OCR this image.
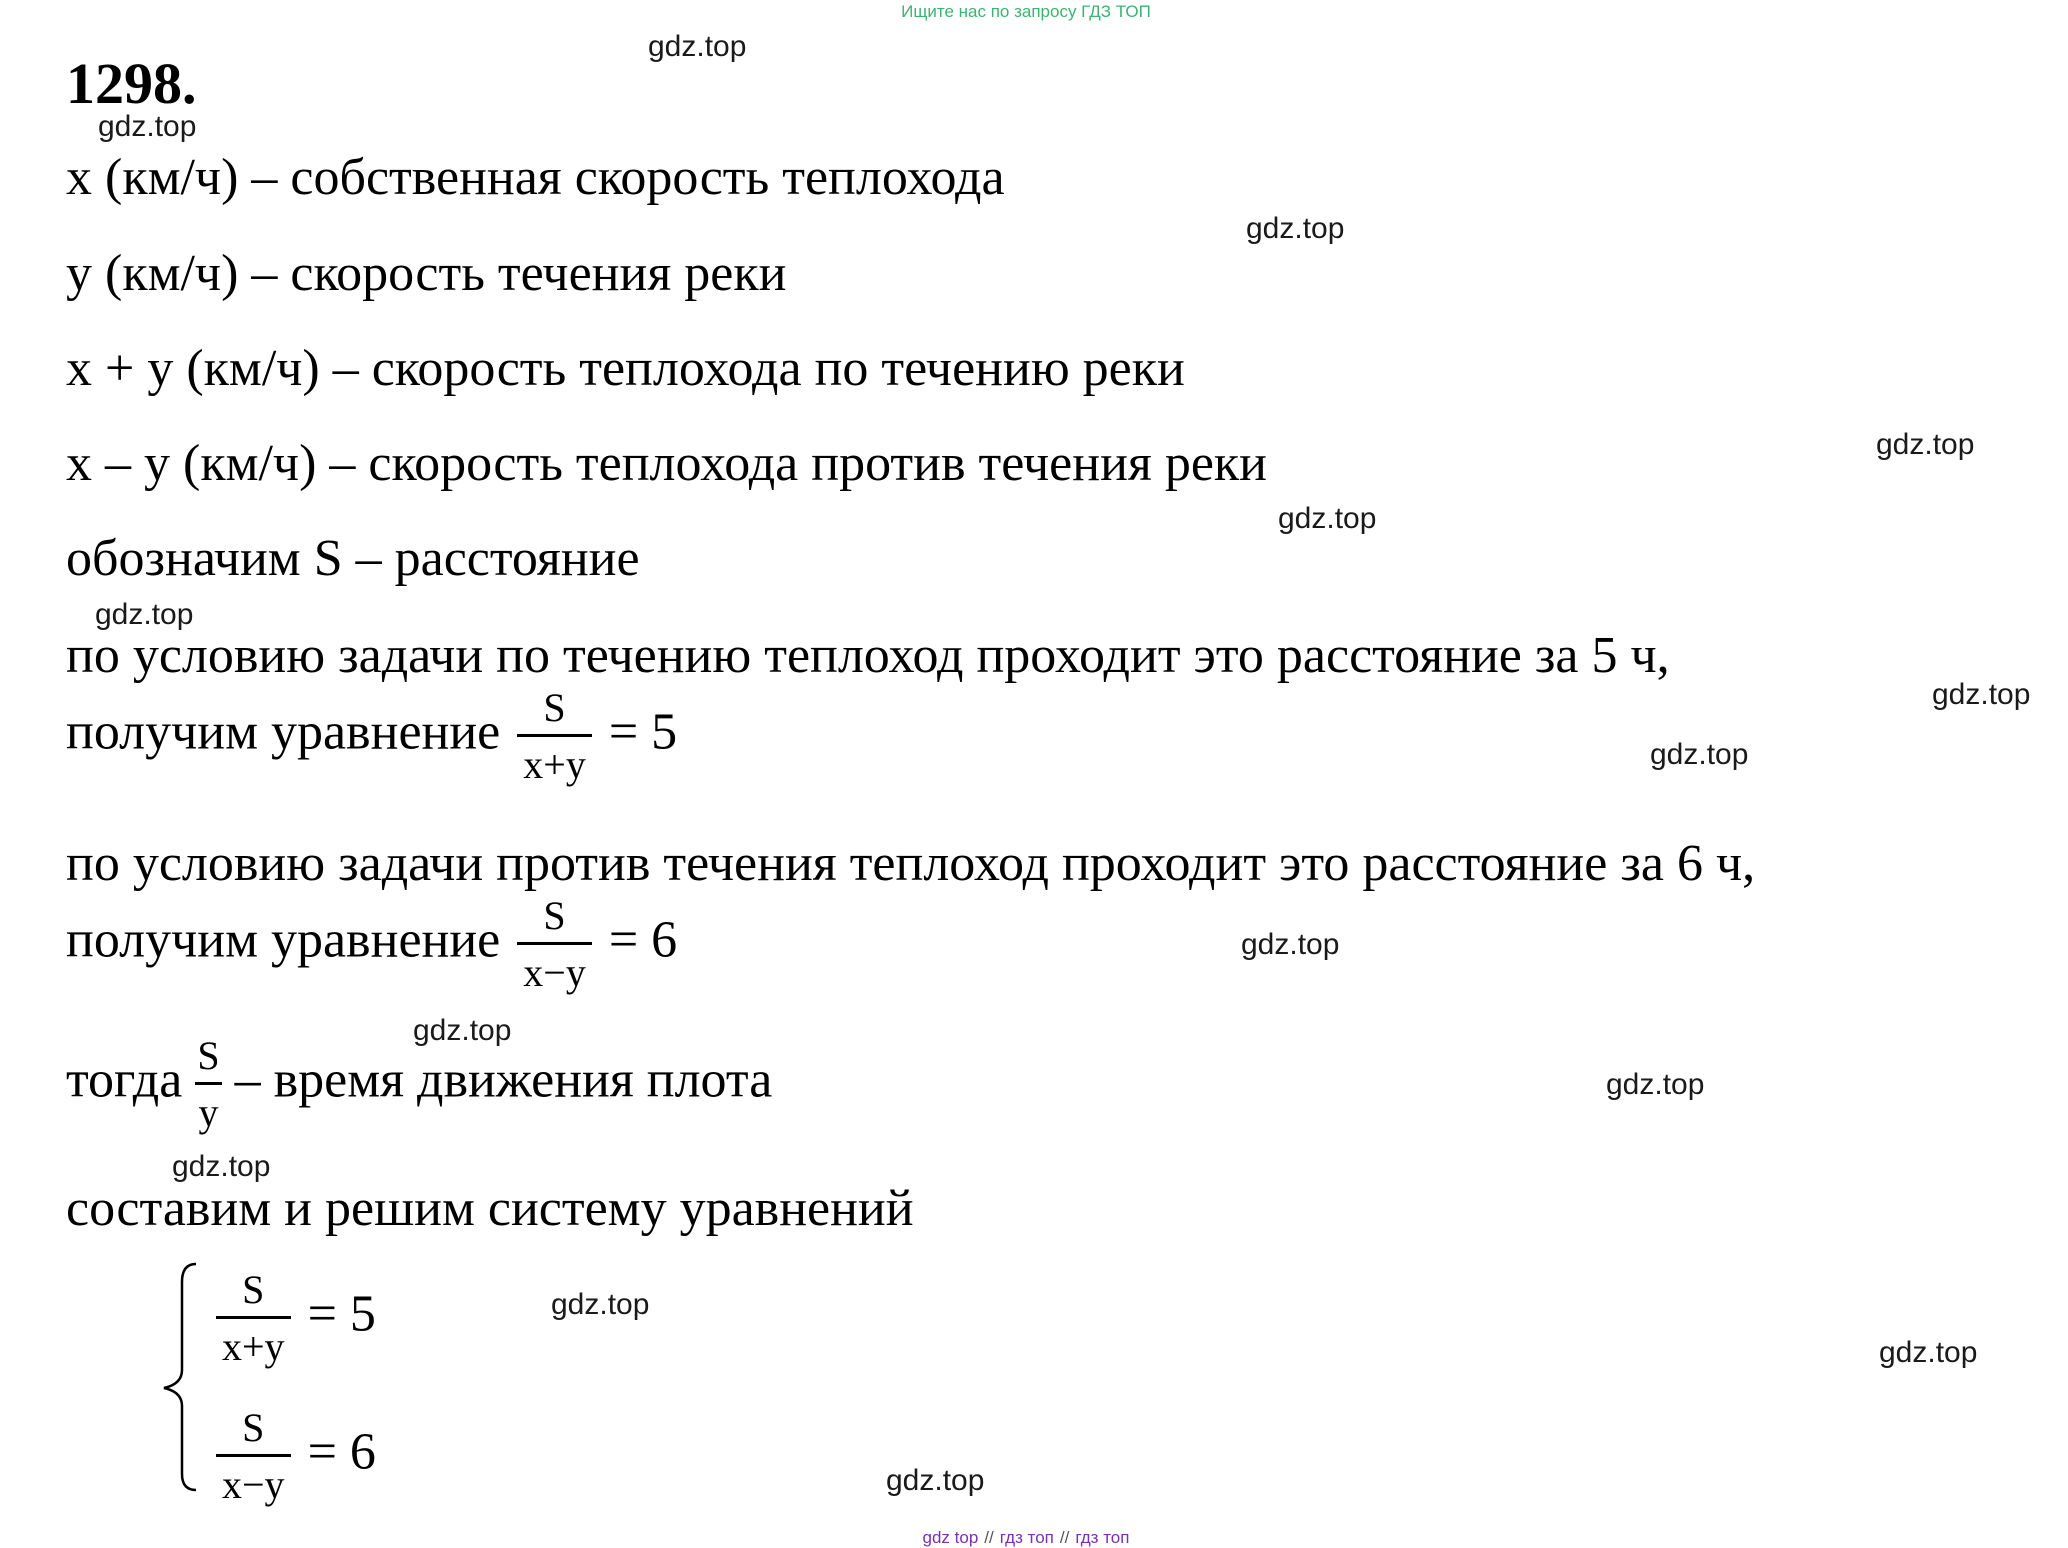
Ищите нас по запросу ГДЗ ТОП
1298.
x (км/ч) – собственная скорость теплохода
y (км/ч) – скорость течения реки
x + y (км/ч) – скорость теплохода по течению реки
x – y (км/ч) – скорость теплохода против течения реки
обозначим S – расстояние
по условию задачи по течению теплоход проходит это расстояние за 5 ч,
получим уравнение $\frac{S}{x+y} = 5$
по условию задачи против течения теплоход проходит это расстояние за 6 ч,
получим уравнение $\frac{S}{x-y} = 6$
тогда $\frac{S}{y}$ – время движения плота
составим и решим систему уравнений
$\frac{S}{x+y} = 5$
$\frac{S}{x-y} = 6$
gdz.top
gdz.top
gdz.top
gdz.top
gdz.top
gdz.top
gdz.top
gdz.top
gdz.top
gdz.top
gdz.top
gdz.top
gdz.top
gdz.top
gdz.top
gdz top // гдз топ // гдз топ
